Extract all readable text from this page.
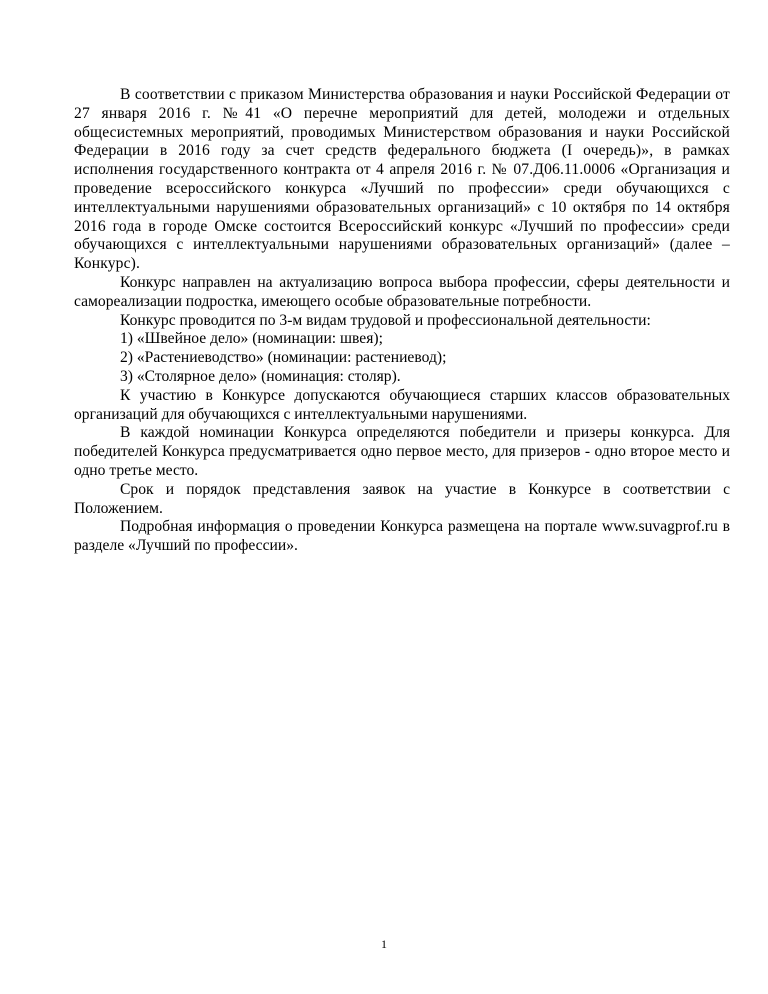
В соответствии с приказом Министерства образования и науки Российской Федерации от 27 января 2016 г. №41 «О перечне мероприятий для детей, молодежи и отдельных общесистемных мероприятий, проводимых Министерством образования и науки Российской Федерации в 2016 году за счет средств федерального бюджета (I очередь)», в рамках исполнения государственного контракта от 4 апреля 2016 г. № 07.Д06.11.0006 «Организация и проведение всероссийского конкурса «Лучший по профессии» среди обучающихся с интеллектуальными нарушениями образовательных организаций» с 10 октября по 14 октября 2016 года в городе Омске состоится Всероссийский конкурс «Лучший по профессии» среди обучающихся с интеллектуальными нарушениями образовательных организаций» (далее – Конкурс).

Конкурс направлен на актуализацию вопроса выбора профессии, сферы деятельности и самореализации подростка, имеющего особые образовательные потребности.

Конкурс проводится по 3-м видам трудовой и профессиональной деятельности:

1) «Швейное дело» (номинации: швея);

2) «Растениеводство» (номинации: растениевод);

3) «Столярное дело» (номинация: столяр).

К участию в Конкурсе допускаются обучающиеся старших классов образовательных организаций для обучающихся с интеллектуальными нарушениями.

В каждой номинации Конкурса определяются победители и призеры конкурса. Для победителей Конкурса предусматривается одно первое место, для призеров - одно второе место и одно третье место.

Срок и порядок представления заявок на участие в Конкурсе в соответствии с Положением.

Подробная информация о проведении Конкурса размещена на портале www.suvagprof.ru в разделе «Лучший по профессии».

1
